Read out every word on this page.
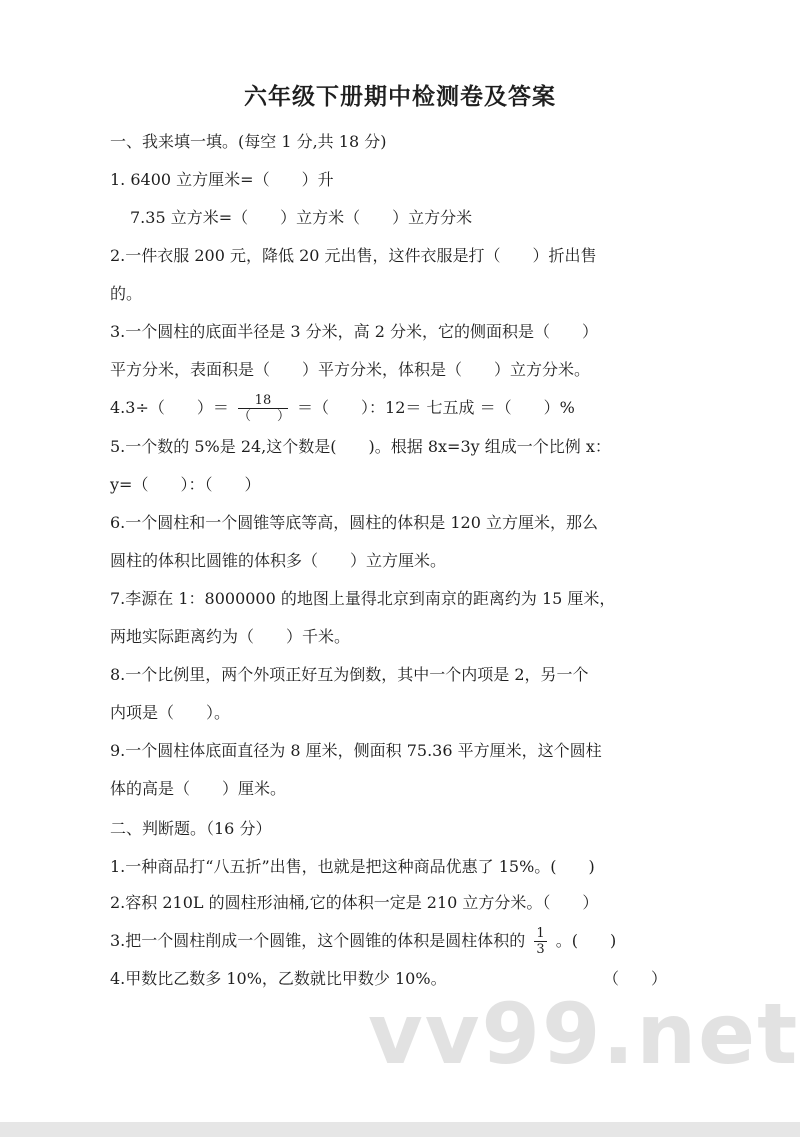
六年级下册期中检测卷及答案
一、我来填一填。(每空 1 分,共 18 分)
1. 6400 立方厘米=（　　）升
7.35 立方米=（　　）立方米（　　）立方分米
2.一件衣服 200 元，降低 20 元出售，这件衣服是打（　　）折出售
的。
3.一个圆柱的底面半径是 3 分米，高 2 分米，它的侧面积是（　　）
平方分米，表面积是（　　）平方分米，体积是（　　）立方分米。
4.3÷（　　）＝ $\frac{18}{( )}$ ＝（　　）：12＝ 七五成 ＝（　　）%
5.一个数的 5%是 24,这个数是(　　)。根据 8x=3y 组成一个比例 x：
y=（　　）：（　　）
6.一个圆柱和一个圆锥等底等高，圆柱的体积是 120 立方厘米，那么
圆柱的体积比圆锥的体积多（　　）立方厘米。
7.李源在 1：8000000 的地图上量得北京到南京的距离约为 15 厘米，
两地实际距离约为（　　）千米。
8.一个比例里，两个外项正好互为倒数，其中一个内项是 2，另一个
内项是（　　）。
9.一个圆柱体底面直径为 8 厘米，侧面积 75.36 平方厘米，这个圆柱
体的高是（　　）厘米。
二、判断题。（16 分）
1.一种商品打“八五折”出售，也就是把这种商品优惠了 15%。(　　)
2.容积 210L 的圆柱形油桶,它的体积一定是 210 立方分米。（　　）
3.把一个圆柱削成一个圆锥，这个圆锥的体积是圆柱体积的 $\frac{1}{3}$ 。(　　)
4.甲数比乙数多 10%，乙数就比甲数少 10%。	（　　）
vv99.net
